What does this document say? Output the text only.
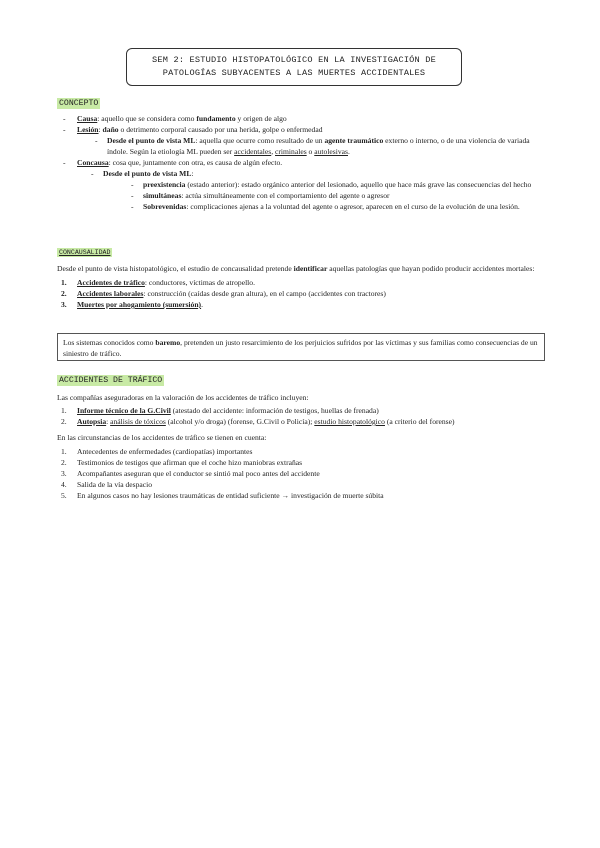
SEM 2: ESTUDIO HISTOPATOLÓGICO EN LA INVESTIGACIÓN DE
PATOLOGÍAS SUBYACENTES A LAS MUERTES ACCIDENTALES
CONCEPTO
- Causa: aquello que se considera como fundamento y origen de algo
- Lesión: daño o detrimento corporal causado por una herida, golpe o enfermedad
- Desde el punto de vista ML: aquella que ocurre como resultado de un agente traumático externo o interno, o de una violencia de variada índole. Según la etiología ML pueden ser accidentales, criminales o autolesivas.
- Concausa: cosa que, juntamente con otra, es causa de algún efecto.
- Desde el punto de vista ML:
- preexistencia (estado anterior): estado orgánico anterior del lesionado, aquello que hace más grave las consecuencias del hecho
- simultáneas: actúa simultáneamente con el comportamiento del agente o agresor
- Sobrevenidas: complicaciones ajenas a la voluntad del agente o agresor, aparecen en el curso de la evolución de una lesión.
CONCAUSALIDAD

Desde el punto de vista histopatológico, el estudio de concausalidad pretende identificar aquellas patologías que hayan podido producir accidentes mortales:

1. Accidentes de tráfico: conductores, víctimas de atropello.
2. Accidentes laborales: construcción (caídas desde gran altura), en el campo (accidentes con tractores)
3. Muertes por ahogamiento (sumersión).
Los sistemas conocidos como baremo, pretenden un justo resarcimiento de los perjuicios sufridos por las víctimas y sus familias como consecuencias de un siniestro de tráfico.
ACCIDENTES DE TRÁFICO

Las compañías aseguradoras en la valoración de los accidentes de tráfico incluyen:

1. Informe técnico de la G.Civil (atestado del accidente: información de testigos, huellas de frenada)
2. Autopsia: análisis de tóxicos (alcohol y/o droga) (forense, G.Civil o Policía); estudio histopatológico (a criterio del forense)

En las circunstancias de los accidentes de tráfico se tienen en cuenta:

1. Antecedentes de enfermedades (cardiopatías) importantes
2. Testimonios de testigos que afirman que el coche hizo maniobras extrañas
3. Acompañantes aseguran que el conductor se sintió mal poco antes del accidente
4. Salida de la vía despacio
5. En algunos casos no hay lesiones traumáticas de entidad suficiente → investigación de muerte súbita
